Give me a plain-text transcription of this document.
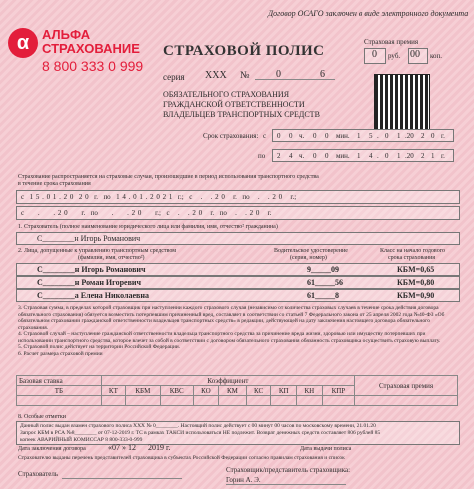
α АЛЬФА
СТРАХОВАНИЕ
8 800 333 0 999
Договор ОСАГО заключен в виде электронного документа
СТРАХОВОЙ ПОЛИС
серия ХХХ №	0	6
Страховая премия
0 руб. 00 коп.
ОБЯЗАТЕЛЬНОГО СТРАХОВАНИЯ
ГРАЖДАНСКОЙ ОТВЕТСТВЕННОСТИ
ВЛАДЕЛЬЦЕВ ТРАНСПОРТНЫХ СРЕДСТВ
Срок страхования: с 0 0 ч. 0 0 мин. 1 5 . 0 1 .20 2 0 г.
по 2 4 ч. 0 0 мин. 1 4 . 0 1 .20 2 1 г.
Страхование распространяется на страховые случаи, произошедшие в период использования транспортного средства
в течение срока страхования
с  1 5 . 0 1 . 2 0  2 0  г.  по  1 4 . 0 1 . 2 0 2 1  г.;  с   .   . 2 0   г.  по   .   . 2 0   г.;
с     .     . 2 0     г.  по     .     . 2 0     г.;  с   .   . 2 0   г.  по   .   . 2 0   г.
1. Страхователь (полное наименование юридического лица или фамилия, имя, отчество² гражданина)
С________н Игорь Романович
2. Лица, допущенные к управлению транспортным средством
(фамилия, имя, отчество²)
Водительское удостоверение
(серия, номер)
Класс на начало годового
срока страхования
С________н Игорь Романович	9_____09	КБМ=0,65
С________н Роман Игоревич	61_____56	КБМ=0,80
С________а Елена Николаевна	61_____8	КБМ=0,90
3. Страховая сумма, в пределах которой страховщик при наступлении каждого страхового случая (независимо от количества страховых случаев в течение срока действия договора обязательного страхования) обязуется возместить потерпевшим причиненный вред, составляет в соответствии со статьей 7 Федерального закона от 25 апреля 2002 года №40-ФЗ «Об обязательном страховании гражданской ответственности владельцев транспортных средств» в редакции, действующей на дату заключения настоящего договора обязательного страхования.
4. Страховой случай – наступление гражданской ответственности владельца транспортного средства за причинение вреда жизни, здоровью или имуществу потерпевших при использовании транспортного средства, которое влечет за собой в соответствии с договором обязательного страхования обязанность страховщика осуществить страховую выплату.
5. Страховой полис действует на территории Российской Федерации.
6. Расчет размера страховой премии
Базовая ставка	Коэффициент									Страховая премия
ТБ	КТ	КБМ	КВС	КО	КМ	КС	КП	КН	КПР	

8. Особые отметки
Данный полис выдан взамен страхового полиса ХХХ № 0________. Настоящий полис действует с 00 минут 00 часов по московскому времени, 21.01.20
Запрос КБМ в РСА №8________ от 07-12-2019 г. ТС в рамках ТАКСИ использоваться НЕ подлежит. Возврат денежных средств составляет 806 рублей 85
копеек АВАРИЙНЫЙ КОМИССАР 8 800-333-0-999
Дата заключения договора	«07 » 12      2019 г.	Дата выдачи полиса
Страхователю выданы перечень представителей страховщика в субъектах Российской Федерации согласно правилам страхования и список
Страхователь	Страховщик/представитель страховщика:
Горин А. Э.
